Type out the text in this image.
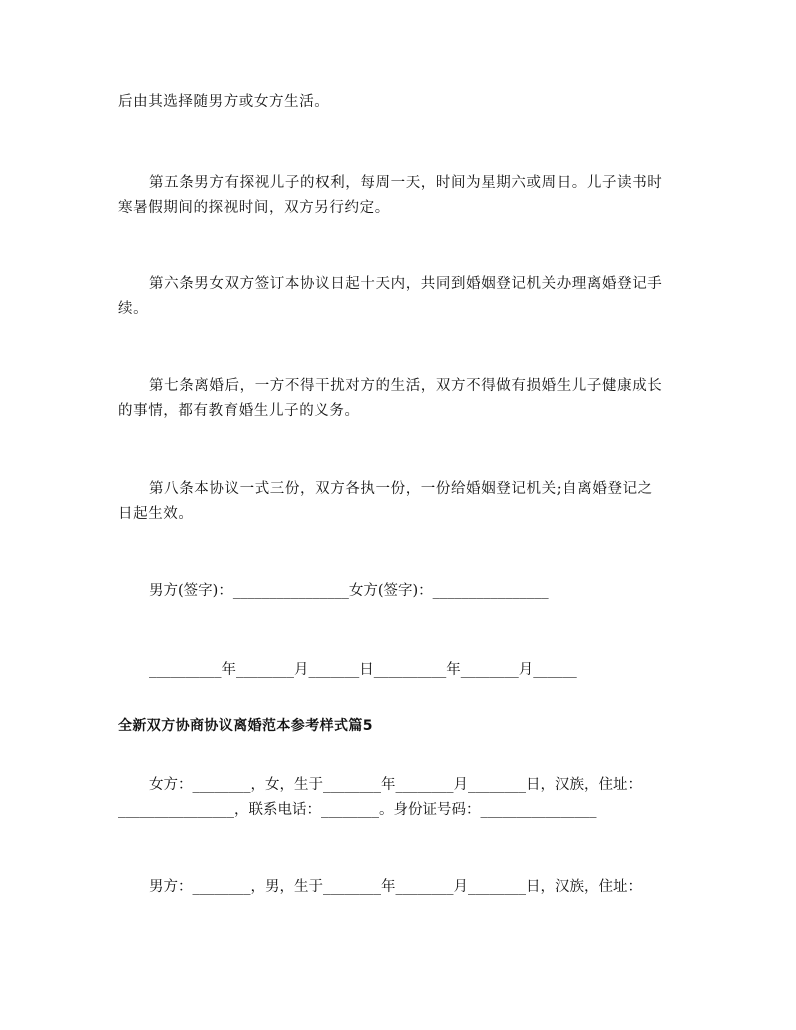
后由其选择随男方或女方生活。
第五条男方有探视儿子的权利，每周一天，时间为星期六或周日。儿子读书时
寒暑假期间的探视时间，双方另行约定。
第六条男女双方签订本协议日起十天内，共同到婚姻登记机关办理离婚登记手
续。
第七条离婚后，一方不得干扰对方的生活，双方不得做有损婚生儿子健康成长
的事情，都有教育婚生儿子的义务。
第八条本协议一式三份，双方各执一份，一份给婚姻登记机关;自离婚登记之
日起生效。
男方(签字)：________________女方(签字)：________________
__________年________月_______日__________年________月______
全新双方协商协议离婚范本参考样式篇5
女方：________，女，生于________年________月________日，汉族，住址：
________________，联系电话：________。身份证号码：________________
男方：________，男，生于________年________月________日，汉族，住址：
